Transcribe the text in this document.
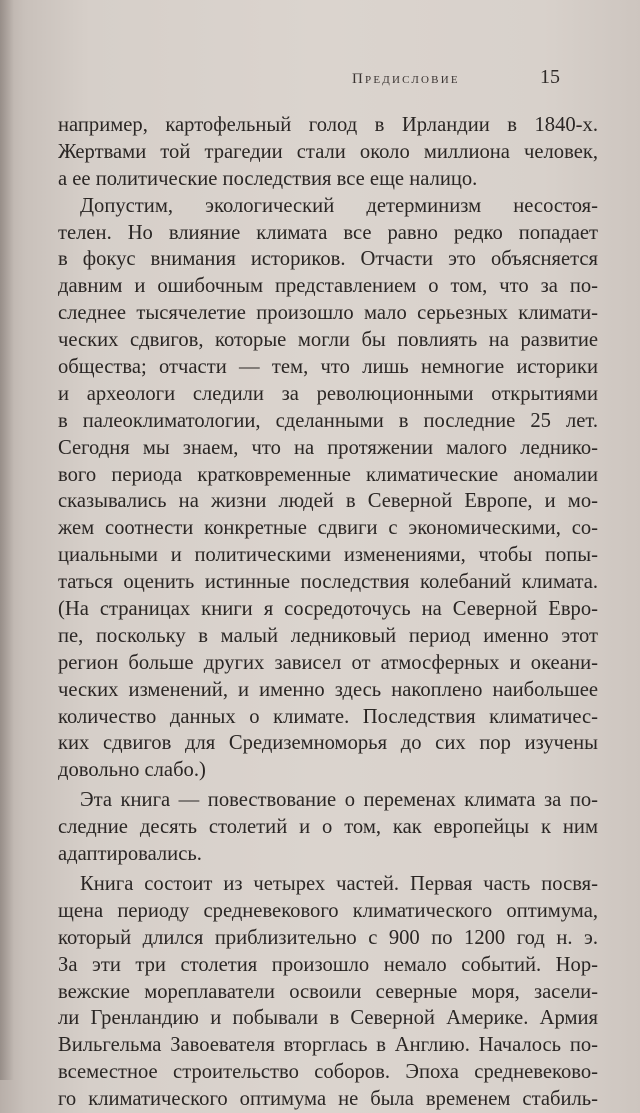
Предисловие	15
например, картофельный голод в Ирландии в 1840-х.
Жертвами той трагедии стали около миллиона человек,
а ее политические последствия все еще налицо.
Допустим, экологический детерминизм несостоя-
телен. Но влияние климата все равно редко попадает
в фокус внимания историков. Отчасти это объясняется
давним и ошибочным представлением о том, что за по-
следнее тысячелетие произошло мало серьезных климати-
ческих сдвигов, которые могли бы повлиять на развитие
общества; отчасти — тем, что лишь немногие историки
и археологи следили за революционными открытиями
в палеоклиматологии, сделанными в последние 25 лет.
Сегодня мы знаем, что на протяжении малого леднико-
вого периода кратковременные климатические аномалии
сказывались на жизни людей в Северной Европе, и мо-
жем соотнести конкретные сдвиги с экономическими, со-
циальными и политическими изменениями, чтобы попы-
таться оценить истинные последствия колебаний климата.
(На страницах книги я сосредоточусь на Северной Евро-
пе, поскольку в малый ледниковый период именно этот
регион больше других зависел от атмосферных и океани-
ческих изменений, и именно здесь накоплено наибольшее
количество данных о климате. Последствия климатичес-
ких сдвигов для Средиземноморья до сих пор изучены
довольно слабо.)
Эта книга — повествование о переменах климата за по-
следние десять столетий и о том, как европейцы к ним
адаптировались.
Книга состоит из четырех частей. Первая часть посвя-
щена периоду средневекового климатического оптимума,
который длился приблизительно с 900 по 1200 год н. э.
За эти три столетия произошло немало событий. Нор-
вежские мореплаватели освоили северные моря, засели-
ли Гренландию и побывали в Северной Америке. Армия
Вильгельма Завоевателя вторглась в Англию. Началось по-
всеместное строительство соборов. Эпоха средневеково-
го климатического оптимума не была временем стабиль-
